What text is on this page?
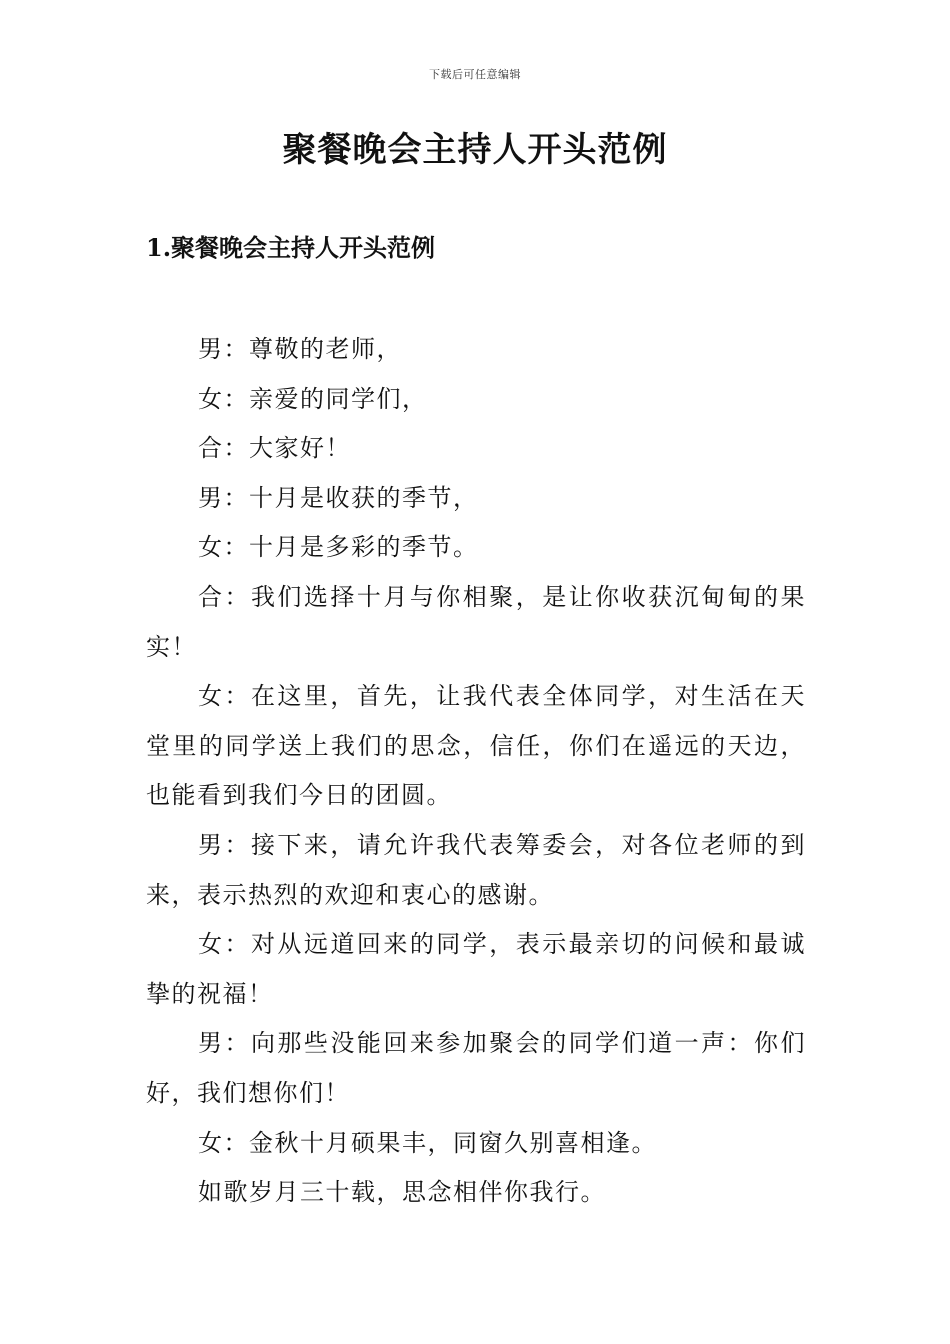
下载后可任意编辑
聚餐晚会主持人开头范例
1.聚餐晚会主持人开头范例

男：尊敬的老师，

女：亲爱的同学们，

合：大家好！

男：十月是收获的季节，

女：十月是多彩的季节。

合：我们选择十月与你相聚，是让你收获沉甸甸的果实！

女：在这里，首先，让我代表全体同学，对生活在天堂里的同学送上我们的思念，信任，你们在遥远的天边，也能看到我们今日的团圆。

男：接下来，请允许我代表筹委会，对各位老师的到来，表示热烈的欢迎和衷心的感谢。

女：对从远道回来的同学，表示最亲切的问候和最诚挚的祝福！

男：向那些没能回来参加聚会的同学们道一声：你们好，我们想你们！

女：金秋十月硕果丰，同窗久别喜相逢。

如歌岁月三十载，思念相伴你我行。
